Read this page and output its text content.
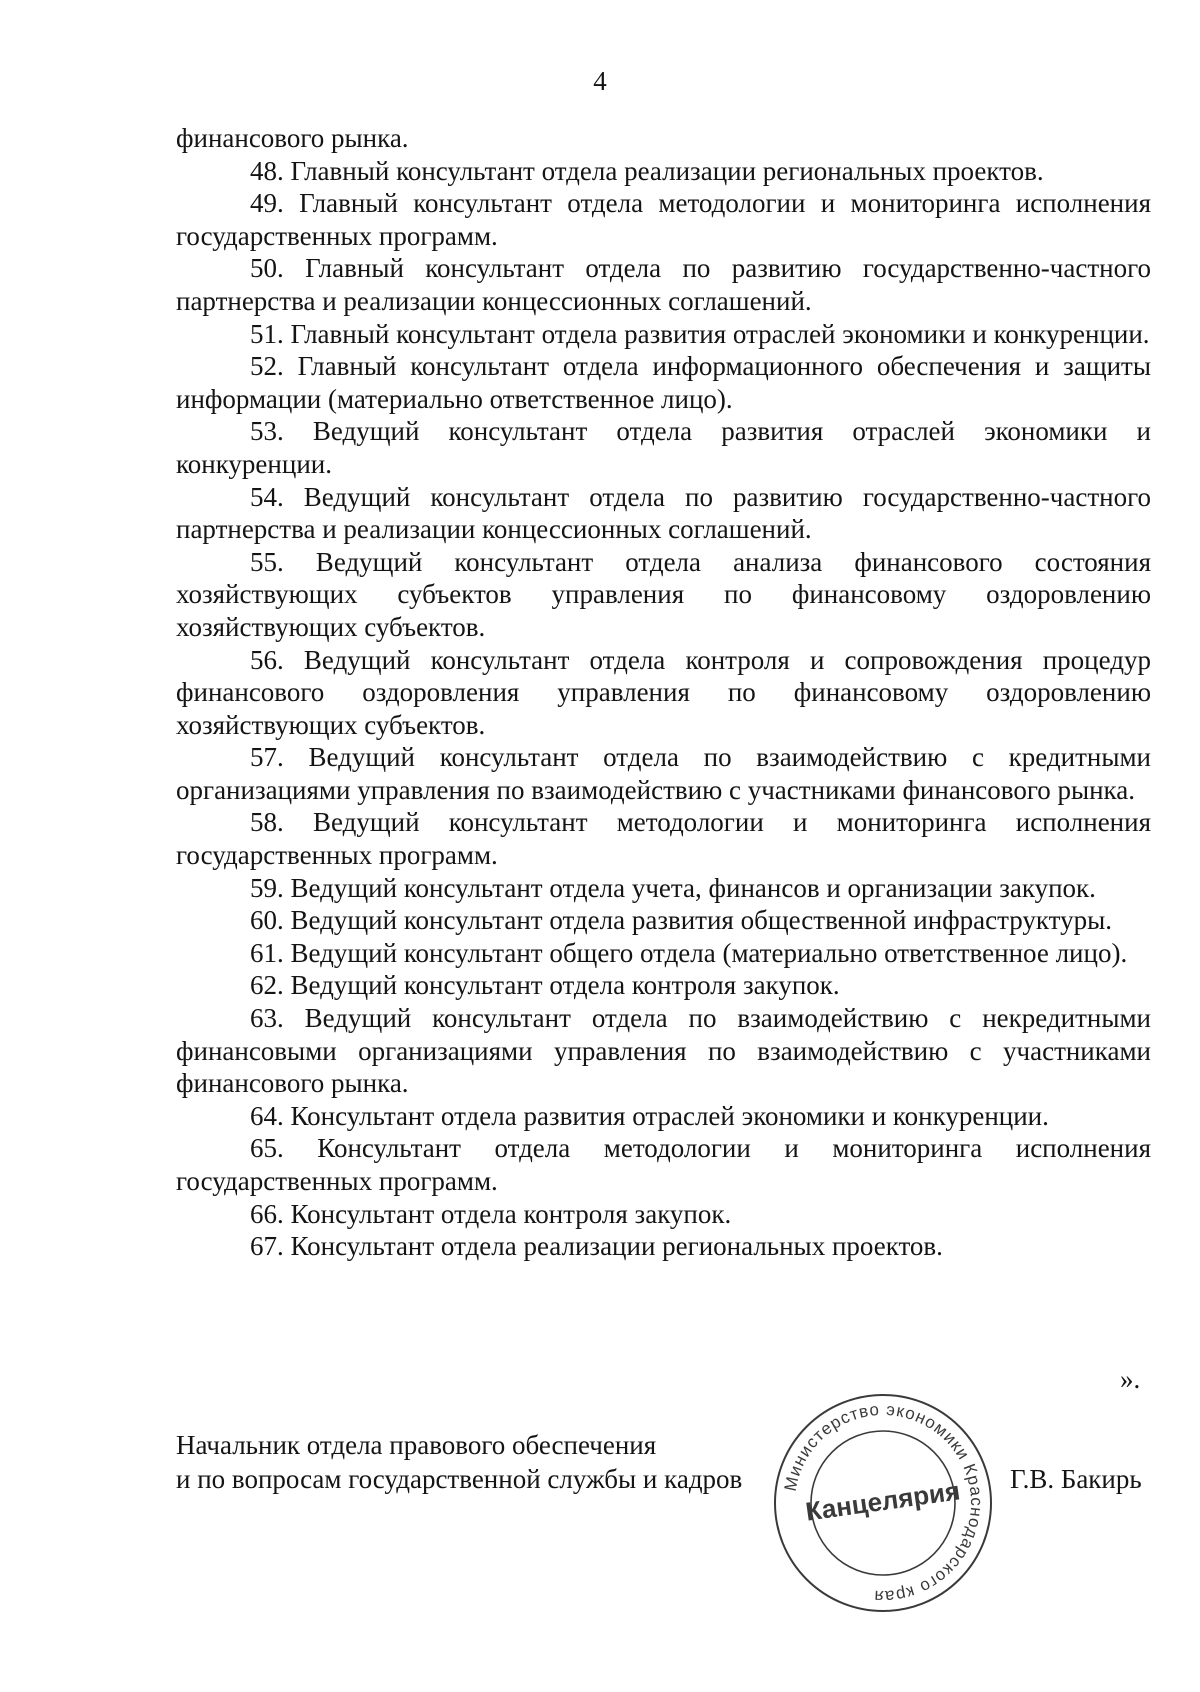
4

финансового рынка.

48. Главный консультант отдела реализации региональных проектов.

49. Главный консультант отдела методологии и мониторинга исполнения государственных программ.

50. Главный консультант отдела по развитию государственно-частного партнерства и реализации концессионных соглашений.

51. Главный консультант отдела развития отраслей экономики и конкуренции.

52. Главный консультант отдела информационного обеспечения и защиты информации (материально ответственное лицо).

53. Ведущий консультант отдела развития отраслей экономики и конкуренции.

54. Ведущий консультант отдела по развитию государственно-частного партнерства и реализации концессионных соглашений.

55. Ведущий консультант отдела анализа финансового состояния хозяйствующих субъектов управления по финансовому оздоровлению хозяйствующих субъектов.

56. Ведущий консультант отдела контроля и сопровождения процедур финансового оздоровления управления по финансовому оздоровлению хозяйствующих субъектов.

57. Ведущий консультант отдела по взаимодействию с кредитными организациями управления по взаимодействию с участниками финансового рынка.

58. Ведущий консультант методологии и мониторинга исполнения государственных программ.

59. Ведущий консультант отдела учета, финансов и организации закупок.

60. Ведущий консультант отдела развития общественной инфраструктуры.

61. Ведущий консультант общего отдела (материально ответственное лицо).

62. Ведущий консультант отдела контроля закупок.

63. Ведущий консультант отдела по взаимодействию с некредитными финансовыми организациями управления по взаимодействию с участниками финансового рынка.

64. Консультант отдела развития отраслей экономики и конкуренции.

65. Консультант отдела методологии и мониторинга исполнения государственных программ.

66. Консультант отдела контроля закупок.

67. Консультант отдела реализации региональных проектов.

».
Начальник отдела правового обеспечения
и по вопросам государственной службы и кадров	Г.В. Бакирь
Министерство экономики Краснодарского края
Канцелярия
